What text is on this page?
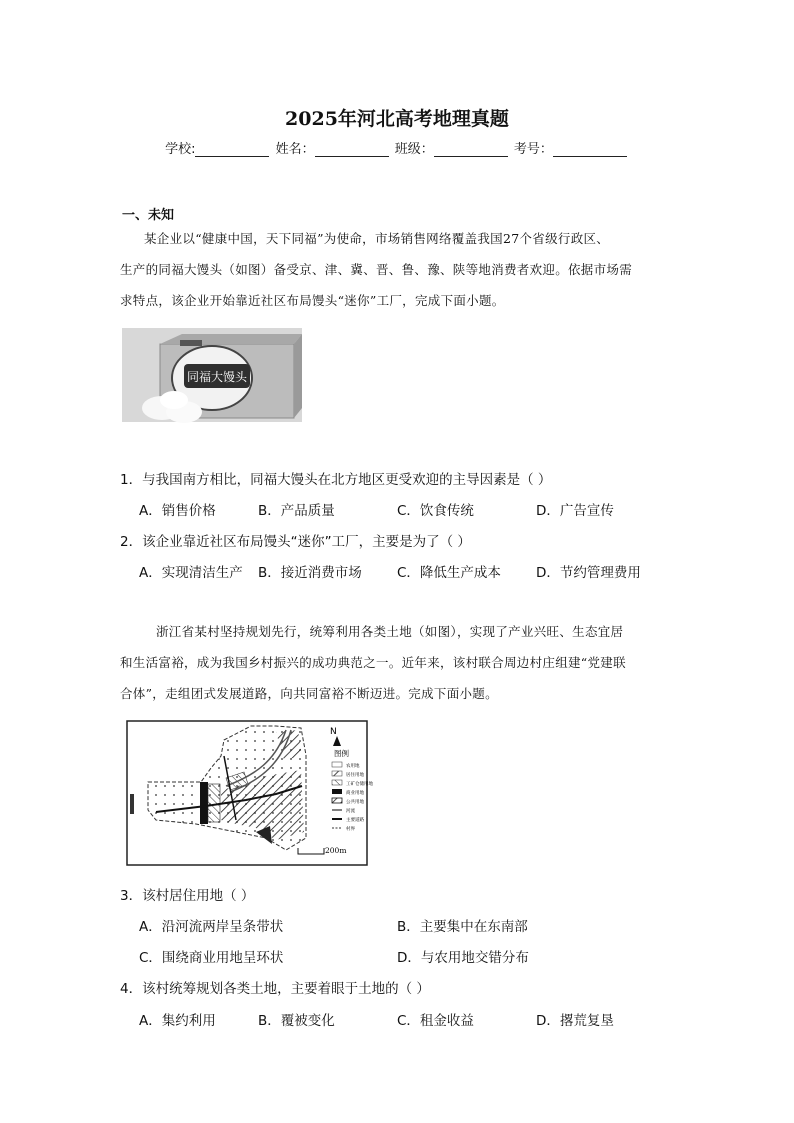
2025年河北高考地理真题
学校:	姓名：	班级：	考号：
一、未知

某企业以“健康中国，天下同福”为使命，市场销售网络覆盖我国27个省级行政区、

生产的同福大馒头（如图）备受京、津、冀、晋、鲁、豫、陕等地消费者欢迎。依据市场需

求特点，该企业开始靠近社区布局馒头“迷你”工厂，完成下面小题。

同福大馒头
1．与我国南方相比，同福大馒头在北方地区更受欢迎的主导因素是（ ）
A．销售价格	B．产品质量	C．饮食传统	D．广告宣传
2．该企业靠近社区布局馒头“迷你”工厂，主要是为了（ ）
A．实现清洁生产 B．接近消费市场	C．降低生产成本	D．节约管理费用

浙江省某村坚持规划先行，统筹利用各类土地（如图），实现了产业兴旺、生态宜居

和生活富裕，成为我国乡村振兴的成功典范之一。近年来，该村联合周边村庄组建“党建联

合体”，走组团式发展道路，向共同富裕不断迈进。完成下面小题。

N
图例
农用地
居住用地
工矿仓储用地
商业用地
公共用地
河流
主要道路
村界
200m
3．该村居住用地（ ）
A．沿河流两岸呈条带状	B．主要集中在东南部
C．围绕商业用地呈环状	D．与农用地交错分布
4．该村统筹规划各类土地，主要着眼于土地的（ ）
A．集约利用	B．覆被变化	C．租金收益	D．撂荒复垦
